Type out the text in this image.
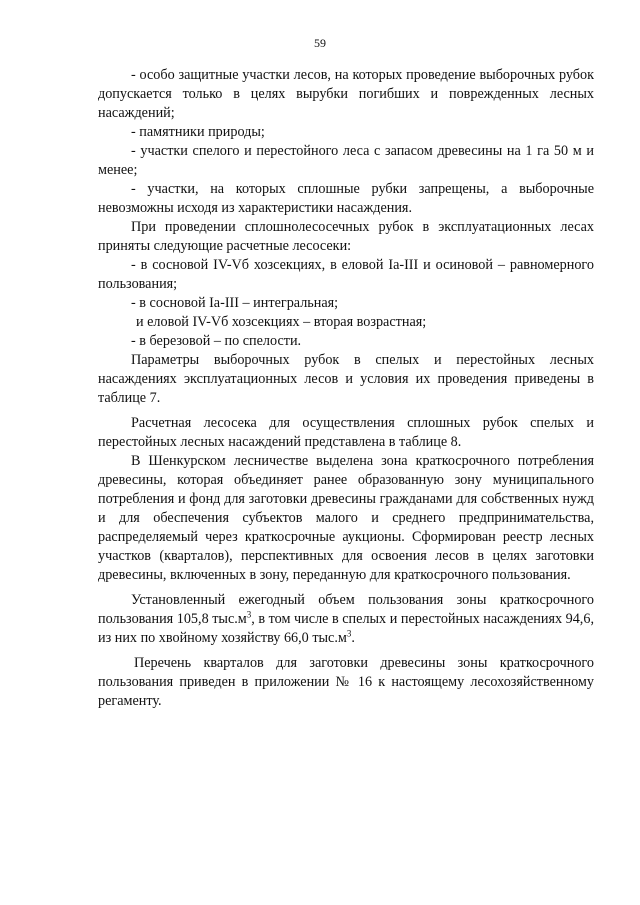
59

- особо защитные участки лесов, на которых проведение выборочных рубок допускается только в целях вырубки погибших и поврежденных лесных насаждений;

- памятники природы;

- участки спелого и перестойного леса с запасом древесины на 1 га 50 м и менее;

- участки, на которых сплошные рубки запрещены, а выборочные невозможны исходя из характеристики насаждения.

При проведении сплошнолесосечных рубок в эксплуатационных лесах приняты следующие расчетные лесосеки:

- в сосновой IV-Vб хозсекциях, в еловой Ia-III и осиновой – равномерного пользования;

- в сосновой Ia-III – интегральная;

и еловой IV-Vб хозсекциях – вторая возрастная;

- в березовой – по спелости.

Параметры выборочных рубок в спелых и перестойных лесных насаждениях эксплуатационных лесов и условия их проведения приведены в таблице 7.

Расчетная лесосека для осуществления сплошных рубок спелых и перестойных лесных насаждений представлена в таблице 8.

В Шенкурском лесничестве выделена зона краткосрочного потребления древесины, которая объединяет ранее образованную зону муниципального потребления и фонд для заготовки древесины гражданами для собственных нужд и для обеспечения субъектов малого и среднего предпринимательства, распределяемый через краткосрочные аукционы. Сформирован реестр лесных участков (кварталов), перспективных для освоения лесов в целях заготовки древесины, включенных в зону, переданную для краткосрочного пользования.

Установленный ежегодный объем пользования зоны краткосрочного пользования 105,8 $тыс.м^3$, в том числе в спелых и перестойных насаждениях 94,6, из них по хвойному хозяйству 66,0 $тыс.м^3$.

Перечень кварталов для заготовки древесины зоны краткосрочного пользования приведен в приложении № 16 к настоящему лесохозяйственному регаменту.
